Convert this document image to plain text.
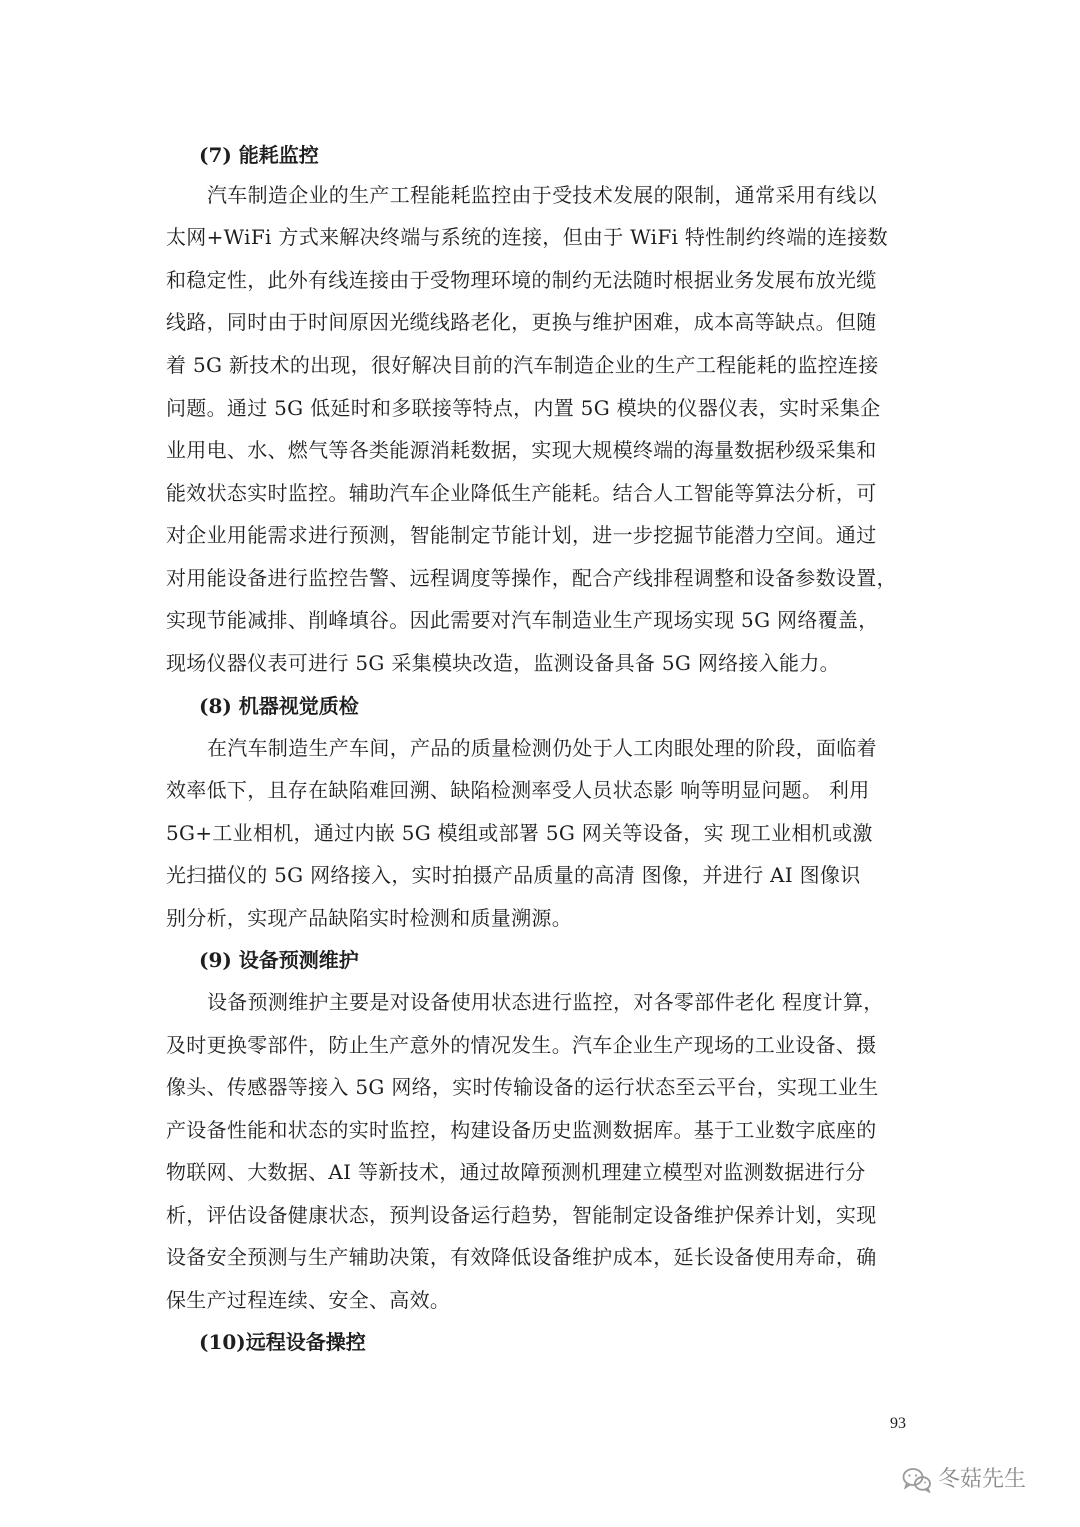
(7) 能耗监控
汽车制造企业的生产工程能耗监控由于受技术发展的限制，通常采用有线以
太网+WiFi 方式来解决终端与系统的连接，但由于 WiFi 特性制约终端的连接数
和稳定性，此外有线连接由于受物理环境的制约无法随时根据业务发展布放光缆
线路，同时由于时间原因光缆线路老化，更换与维护困难，成本高等缺点。但随
着 5G 新技术的出现，很好解决目前的汽车制造企业的生产工程能耗的监控连接
问题。通过 5G 低延时和多联接等特点，内置 5G 模块的仪器仪表，实时采集企
业用电、水、燃气等各类能源消耗数据，实现大规模终端的海量数据秒级采集和
能效状态实时监控。辅助汽车企业降低生产能耗。结合人工智能等算法分析，可
对企业用能需求进行预测，智能制定节能计划，进一步挖掘节能潜力空间。通过
对用能设备进行监控告警、远程调度等操作，配合产线排程调整和设备参数设置，
实现节能减排、削峰填谷。因此需要对汽车制造业生产现场实现 5G 网络覆盖，
现场仪器仪表可进行 5G 采集模块改造，监测设备具备 5G 网络接入能力。
(8) 机器视觉质检
在汽车制造生产车间，产品的质量检测仍处于人工肉眼处理的阶段，面临着
效率低下，且存在缺陷难回溯、缺陷检测率受人员状态影 响等明显问题。 利用
5G+工业相机，通过内嵌 5G 模组或部署 5G 网关等设备，实 现工业相机或激
光扫描仪的 5G 网络接入，实时拍摄产品质量的高清 图像，并进行 AI 图像识
别分析，实现产品缺陷实时检测和质量溯源。
(9) 设备预测维护
设备预测维护主要是对设备使用状态进行监控，对各零部件老化 程度计算，
及时更换零部件，防止生产意外的情况发生。汽车企业生产现场的工业设备、摄
像头、传感器等接入 5G 网络，实时传输设备的运行状态至云平台，实现工业生
产设备性能和状态的实时监控，构建设备历史监测数据库。基于工业数字底座的
物联网、大数据、AI 等新技术，通过故障预测机理建立模型对监测数据进行分
析，评估设备健康状态，预判设备运行趋势，智能制定设备维护保养计划，实现
设备安全预测与生产辅助决策，有效降低设备维护成本，延长设备使用寿命，确
保生产过程连续、安全、高效。
(10)远程设备操控
93
冬菇先生
